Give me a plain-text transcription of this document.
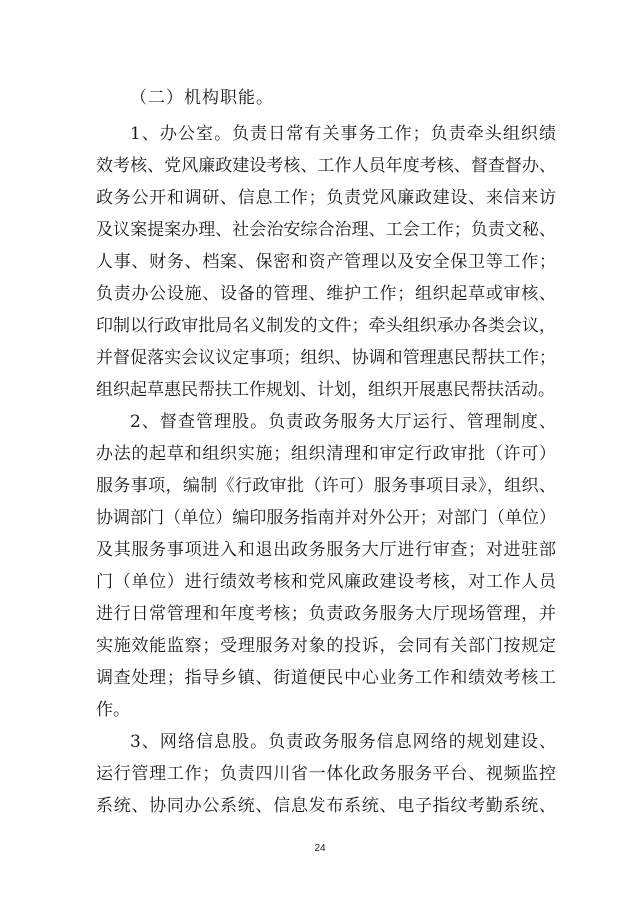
（二）机构职能。
1、办公室。负责日常有关事务工作；负责牵头组织绩
效考核、党风廉政建设考核、工作人员年度考核、督查督办、
政务公开和调研、信息工作；负责党风廉政建设、来信来访
及议案提案办理、社会治安综合治理、工会工作；负责文秘、
人事、财务、档案、保密和资产管理以及安全保卫等工作；
负责办公设施、设备的管理、维护工作；组织起草或审核、
印制以行政审批局名义制发的文件；牵头组织承办各类会议，
并督促落实会议议定事项；组织、协调和管理惠民帮扶工作；
组织起草惠民帮扶工作规划、计划，组织开展惠民帮扶活动。
2、督查管理股。负责政务服务大厅运行、管理制度、
办法的起草和组织实施；组织清理和审定行政审批（许可）
服务事项，编制《行政审批（许可）服务事项目录》，组织、
协调部门（单位）编印服务指南并对外公开；对部门（单位）
及其服务事项进入和退出政务服务大厅进行审查；对进驻部
门（单位）进行绩效考核和党风廉政建设考核，对工作人员
进行日常管理和年度考核；负责政务服务大厅现场管理，并
实施效能监察；受理服务对象的投诉，会同有关部门按规定
调查处理；指导乡镇、街道便民中心业务工作和绩效考核工
作。
3、网络信息股。负责政务服务信息网络的规划建设、
运行管理工作；负责四川省一体化政务服务平台、视频监控
系统、协同办公系统、信息发布系统、电子指纹考勤系统、
24
